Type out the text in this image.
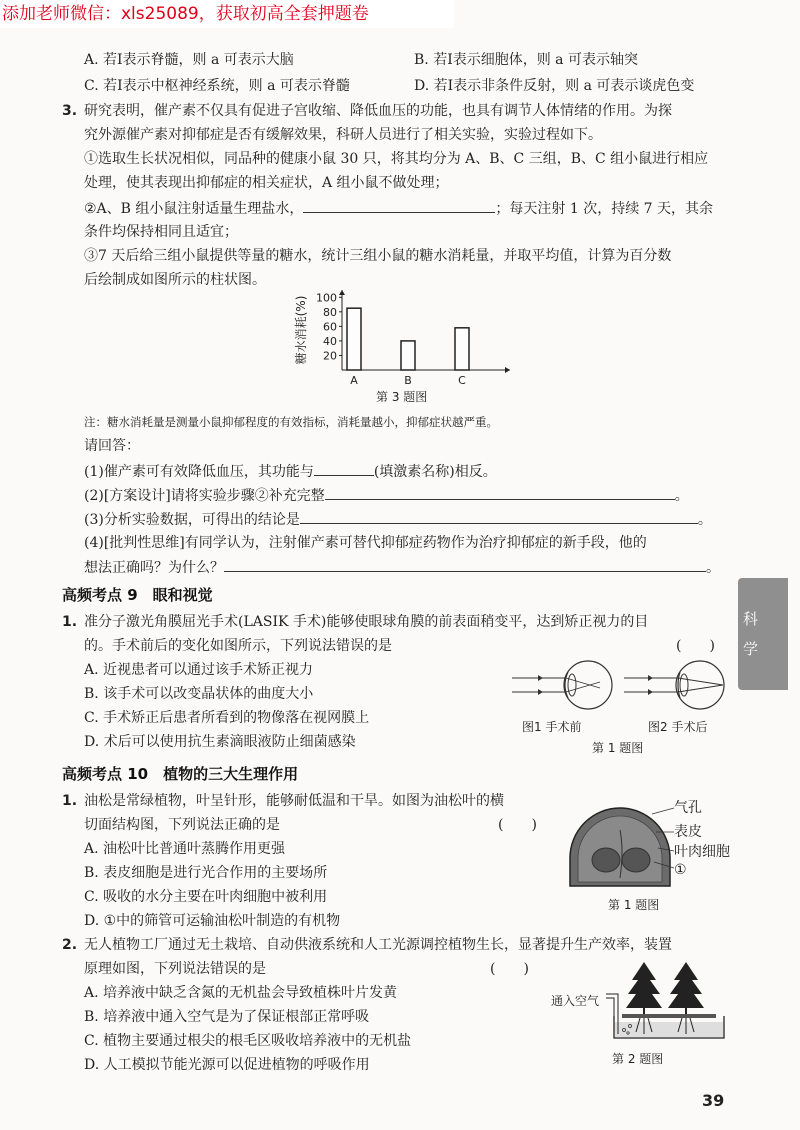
添加老师微信：xls25089，获取初高全套押题卷
A. 若Ⅰ表示脊髓，则 a 可表示大脑	B. 若Ⅰ表示细胞体，则 a 可表示轴突
C. 若Ⅰ表示中枢神经系统，则 a 可表示脊髓	D. 若Ⅰ表示非条件反射，则 a 可表示谈虎色变
3. 研究表明，催产素不仅具有促进子宫收缩、降低血压的功能，也具有调节人体情绪的作用。为探
究外源催产素对抑郁症是否有缓解效果，科研人员进行了相关实验，实验过程如下。
①选取生长状况相似，同品种的健康小鼠 30 只，将其均分为 A、B、C 三组，B、C 组小鼠进行相应
处理，使其表现出抑郁症的相关症状，A 组小鼠不做处理；
②A、B 组小鼠注射适量生理盐水，	；每天注射 1 次，持续 7 天，其余
条件均保持相同且适宜；
③7 天后给三组小鼠提供等量的糖水，统计三组小鼠的糖水消耗量，并取平均值，计算为百分数
后绘制成如图所示的柱状图。
糖水消耗(%) 20
40
60
80
100
A	B	C
第 3 题图
注：糖水消耗量是测量小鼠抑郁程度的有效指标，消耗量越小，抑郁症状越严重。
请回答：
(1)催产素可有效降低血压，其功能与	(填激素名称)相反。
(2)[方案设计]请将实验步骤②补充完整	。
(3)分析实验数据，可得出的结论是	。
(4)[批判性思维]有同学认为，注射催产素可替代抑郁症药物作为治疗抑郁症的新手段，他的
想法正确吗？为什么？	。
高频考点 9　眼和视觉
1. 准分子激光角膜屈光手术(LASIK 手术)能够使眼球角膜的前表面稍变平，达到矫正视力的目
的。手术前后的变化如图所示，下列说法错误的是	(　　)
A. 近视患者可以通过该手术矫正视力
B. 该手术可以改变晶状体的曲度大小
C. 手术矫正后患者所看到的物像落在视网膜上
D. 术后可以使用抗生素滴眼液防止细菌感染
图1 手术前	图2 手术后
第 1 题图
高频考点 10　植物的三大生理作用
1. 油松是常绿植物，叶呈针形，能够耐低温和干旱。如图为油松叶的横
切面结构图，下列说法正确的是	(　　)
A. 油松叶比普通叶蒸腾作用更强
B. 表皮细胞是进行光合作用的主要场所
C. 吸收的水分主要在叶肉细胞中被利用
D. ①中的筛管可运输油松叶制造的有机物
气孔
表皮
叶肉细胞
①
第 1 题图
2. 无人植物工厂通过无土栽培、自动供液系统和人工光源调控植物生长，显著提升生产效率，装置
原理如图，下列说法错误的是	(　　)
A. 培养液中缺乏含氮的无机盐会导致植株叶片发黄
B. 培养液中通入空气是为了保证根部正常呼吸
C. 植物主要通过根尖的根毛区吸收培养液中的无机盐
D. 人工模拟节能光源可以促进植物的呼吸作用
通入空气
第 2 题图
科
学
39
